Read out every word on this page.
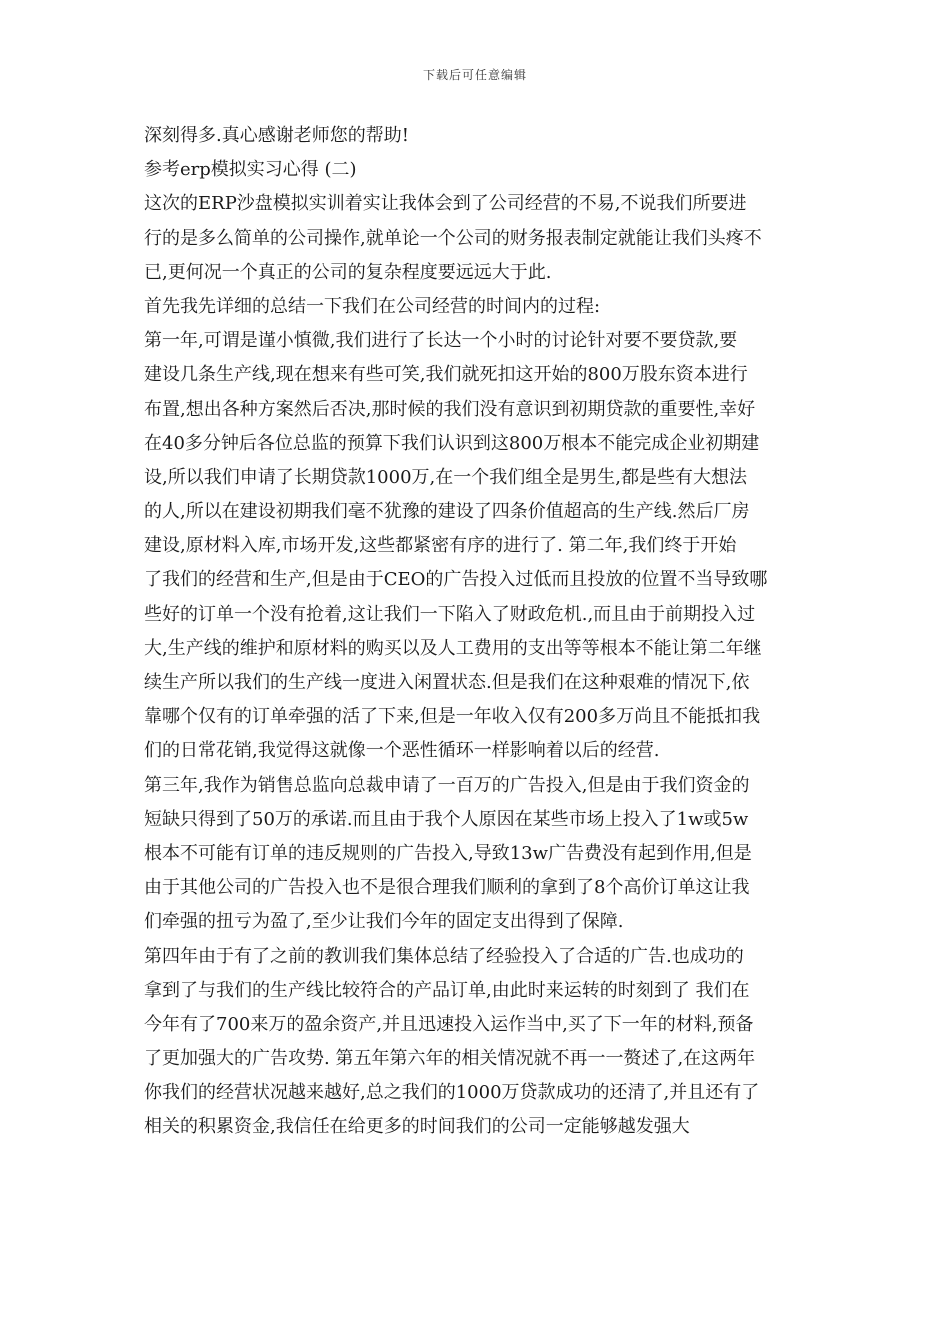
下载后可任意编辑
深刻得多.真心感谢老师您的帮助!
参考erp模拟实习心得 (二)
这次的ERP沙盘模拟实训着实让我体会到了公司经营的不易,不说我们所要进
行的是多么简单的公司操作,就单论一个公司的财务报表制定就能让我们头疼不
已,更何况一个真正的公司的复杂程度要远远大于此.
首先我先详细的总结一下我们在公司经营的时间内的过程:
第一年,可谓是谨小慎微,我们进行了长达一个小时的讨论针对要不要贷款,要
建设几条生产线,现在想来有些可笑,我们就死扣这开始的800万股东资本进行
布置,想出各种方案然后否决,那时候的我们没有意识到初期贷款的重要性,幸好
在40多分钟后各位总监的预算下我们认识到这800万根本不能完成企业初期建
设,所以我们申请了长期贷款1000万,在一个我们组全是男生,都是些有大想法
的人,所以在建设初期我们毫不犹豫的建设了四条价值超高的生产线.然后厂房
建设,原材料入库,市场开发,这些都紧密有序的进行了. 第二年,我们终于开始
了我们的经营和生产,但是由于CEO的广告投入过低而且投放的位置不当导致哪
些好的订单一个没有抢着,这让我们一下陷入了财政危机.,而且由于前期投入过
大,生产线的维护和原材料的购买以及人工费用的支出等等根本不能让第二年继
续生产所以我们的生产线一度进入闲置状态.但是我们在这种艰难的情况下,依
靠哪个仅有的订单牵强的活了下来,但是一年收入仅有200多万尚且不能抵扣我
们的日常花销,我觉得这就像一个恶性循环一样影响着以后的经营.
第三年,我作为销售总监向总裁申请了一百万的广告投入,但是由于我们资金的
短缺只得到了50万的承诺.而且由于我个人原因在某些市场上投入了1w或5w
根本不可能有订单的违反规则的广告投入,导致13w广告费没有起到作用,但是
由于其他公司的广告投入也不是很合理我们顺利的拿到了8个高价订单这让我
们牵强的扭亏为盈了,至少让我们今年的固定支出得到了保障.
第四年由于有了之前的教训我们集体总结了经验投入了合适的广告.也成功的
拿到了与我们的生产线比较符合的产品订单,由此时来运转的时刻到了 我们在
今年有了700来万的盈余资产,并且迅速投入运作当中,买了下一年的材料,预备
了更加强大的广告攻势. 第五年第六年的相关情况就不再一一赘述了,在这两年
你我们的经营状况越来越好,总之我们的1000万贷款成功的还清了,并且还有了
相关的积累资金,我信任在给更多的时间我们的公司一定能够越发强大
